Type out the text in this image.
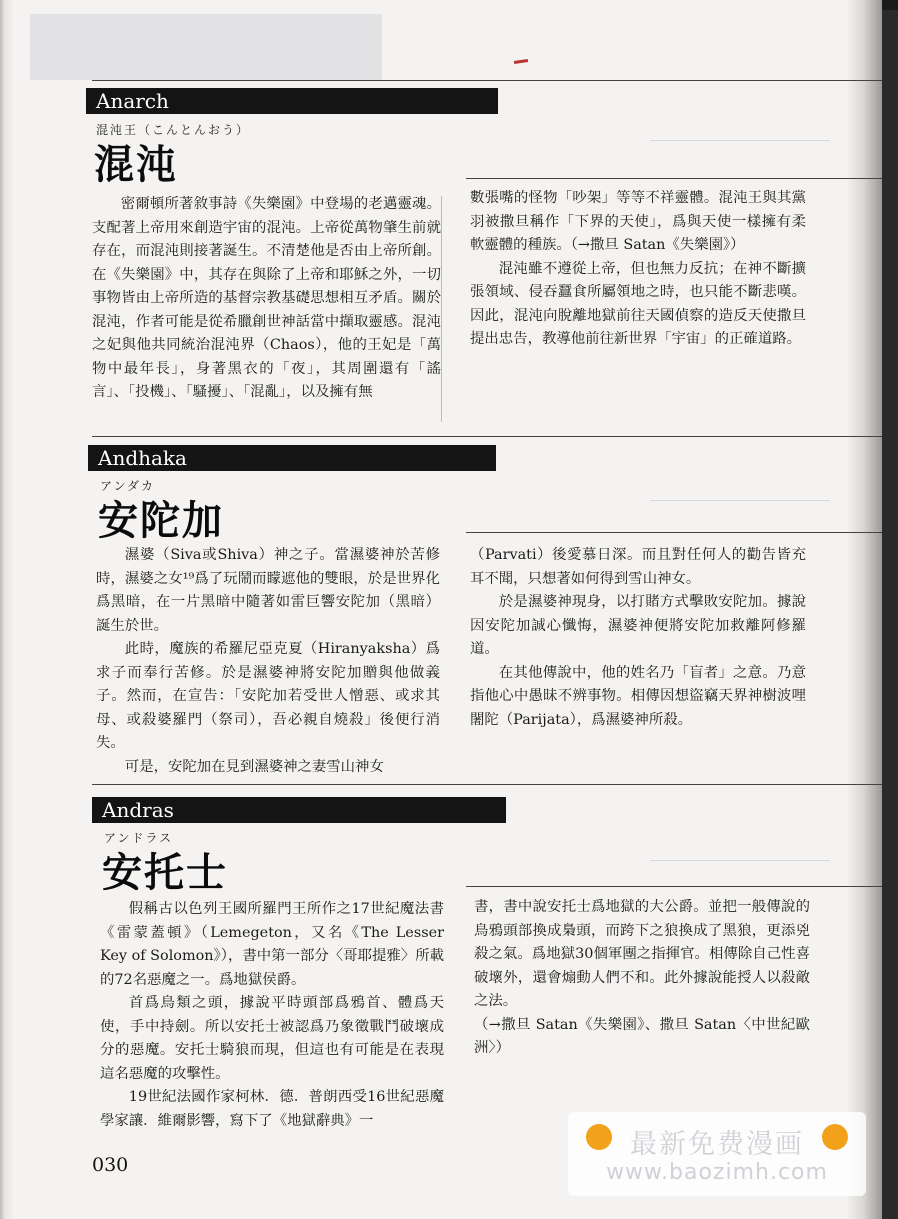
Anarch
混沌王（こんとんおう）
混沌

密爾頓所著敘事詩《失樂園》中登場的老邁靈魂。支配著上帝用來創造宇宙的混沌。上帝從萬物肇生前就存在，而混沌則接著誕生。不清楚他是否由上帝所創。在《失樂園》中，其存在與除了上帝和耶穌之外，一切事物皆由上帝所造的基督宗教基礎思想相互矛盾。關於混沌，作者可能是從希臘創世神話當中擷取靈感。混沌之妃與他共同統治混沌界（Chaos），他的王妃是「萬物中最年長」，身著黑衣的「夜」，其周圍還有「謠言」、「投機」、「騷擾」、「混亂」，以及擁有無

數張嘴的怪物「吵架」等等不祥靈體。混沌王與其黨羽被撒旦稱作「下界的天使」，爲與天使一樣擁有柔軟靈體的種族。（→撒旦 Satan《失樂園》）

混沌雖不遵從上帝，但也無力反抗；在神不斷擴張領域、侵吞蠶食所屬領地之時，也只能不斷悲嘆。因此，混沌向脫離地獄前往天國偵察的造反天使撒旦提出忠告，教導他前往新世界「宇宙」的正確道路。

Andhaka
アンダカ
安陀加

濕婆（Siva或Shiva）神之子。當濕婆神於苦修時，濕婆之女¹⁹爲了玩鬧而矇遮他的雙眼，於是世界化爲黑暗，在一片黑暗中隨著如雷巨響安陀加（黑暗）誕生於世。

此時，魔族的希羅尼亞克夏（Hiranyaksha）爲求子而奉行苦修。於是濕婆神將安陀加贈與他做義子。然而，在宣告：「安陀加若受世人憎惡、或求其母、或殺婆羅門（祭司），吾必親自燒殺」後便行消失。

可是，安陀加在見到濕婆神之妻雪山神女

（Parvati）後愛慕日深。而且對任何人的勸告皆充耳不聞，只想著如何得到雪山神女。

於是濕婆神現身，以打賭方式擊敗安陀加。據說因安陀加誠心懺悔，濕婆神便將安陀加救離阿修羅道。

在其他傳說中，他的姓名乃「盲者」之意。乃意指他心中愚昧不辨事物。相傳因想盜竊天界神樹波哩闍陀（Parijata），爲濕婆神所殺。

Andras
アンドラス
安托士

假稱古以色列王國所羅門王所作之17世紀魔法書《雷蒙蓋頓》（Lemegeton，又名《The Lesser Key of Solomon》），書中第一部分〈哥耶提雅〉所載的72名惡魔之一。爲地獄侯爵。

首爲鳥類之頭，據說平時頭部爲鴉首、體爲天使，手中持劍。所以安托士被認爲乃象徵戰鬥破壞成分的惡魔。安托士騎狼而現，但這也有可能是在表現這名惡魔的攻擊性。

19世紀法國作家柯林．德．普朗西受16世紀惡魔學家讓．維爾影響，寫下了《地獄辭典》一

書，書中說安托士爲地獄的大公爵。並把一般傳說的鳥鴉頭部換成梟頭，而跨下之狼換成了黑狼，更添兇殺之氣。爲地獄30個軍團之指揮官。相傳除自己性喜破壞外，還會煽動人們不和。此外據說能授人以殺敵之法。

（→撒旦 Satan《失樂園》、撒旦 Satan〈中世紀歐洲〉）

030
最新免费漫画
www.baozimh.com
